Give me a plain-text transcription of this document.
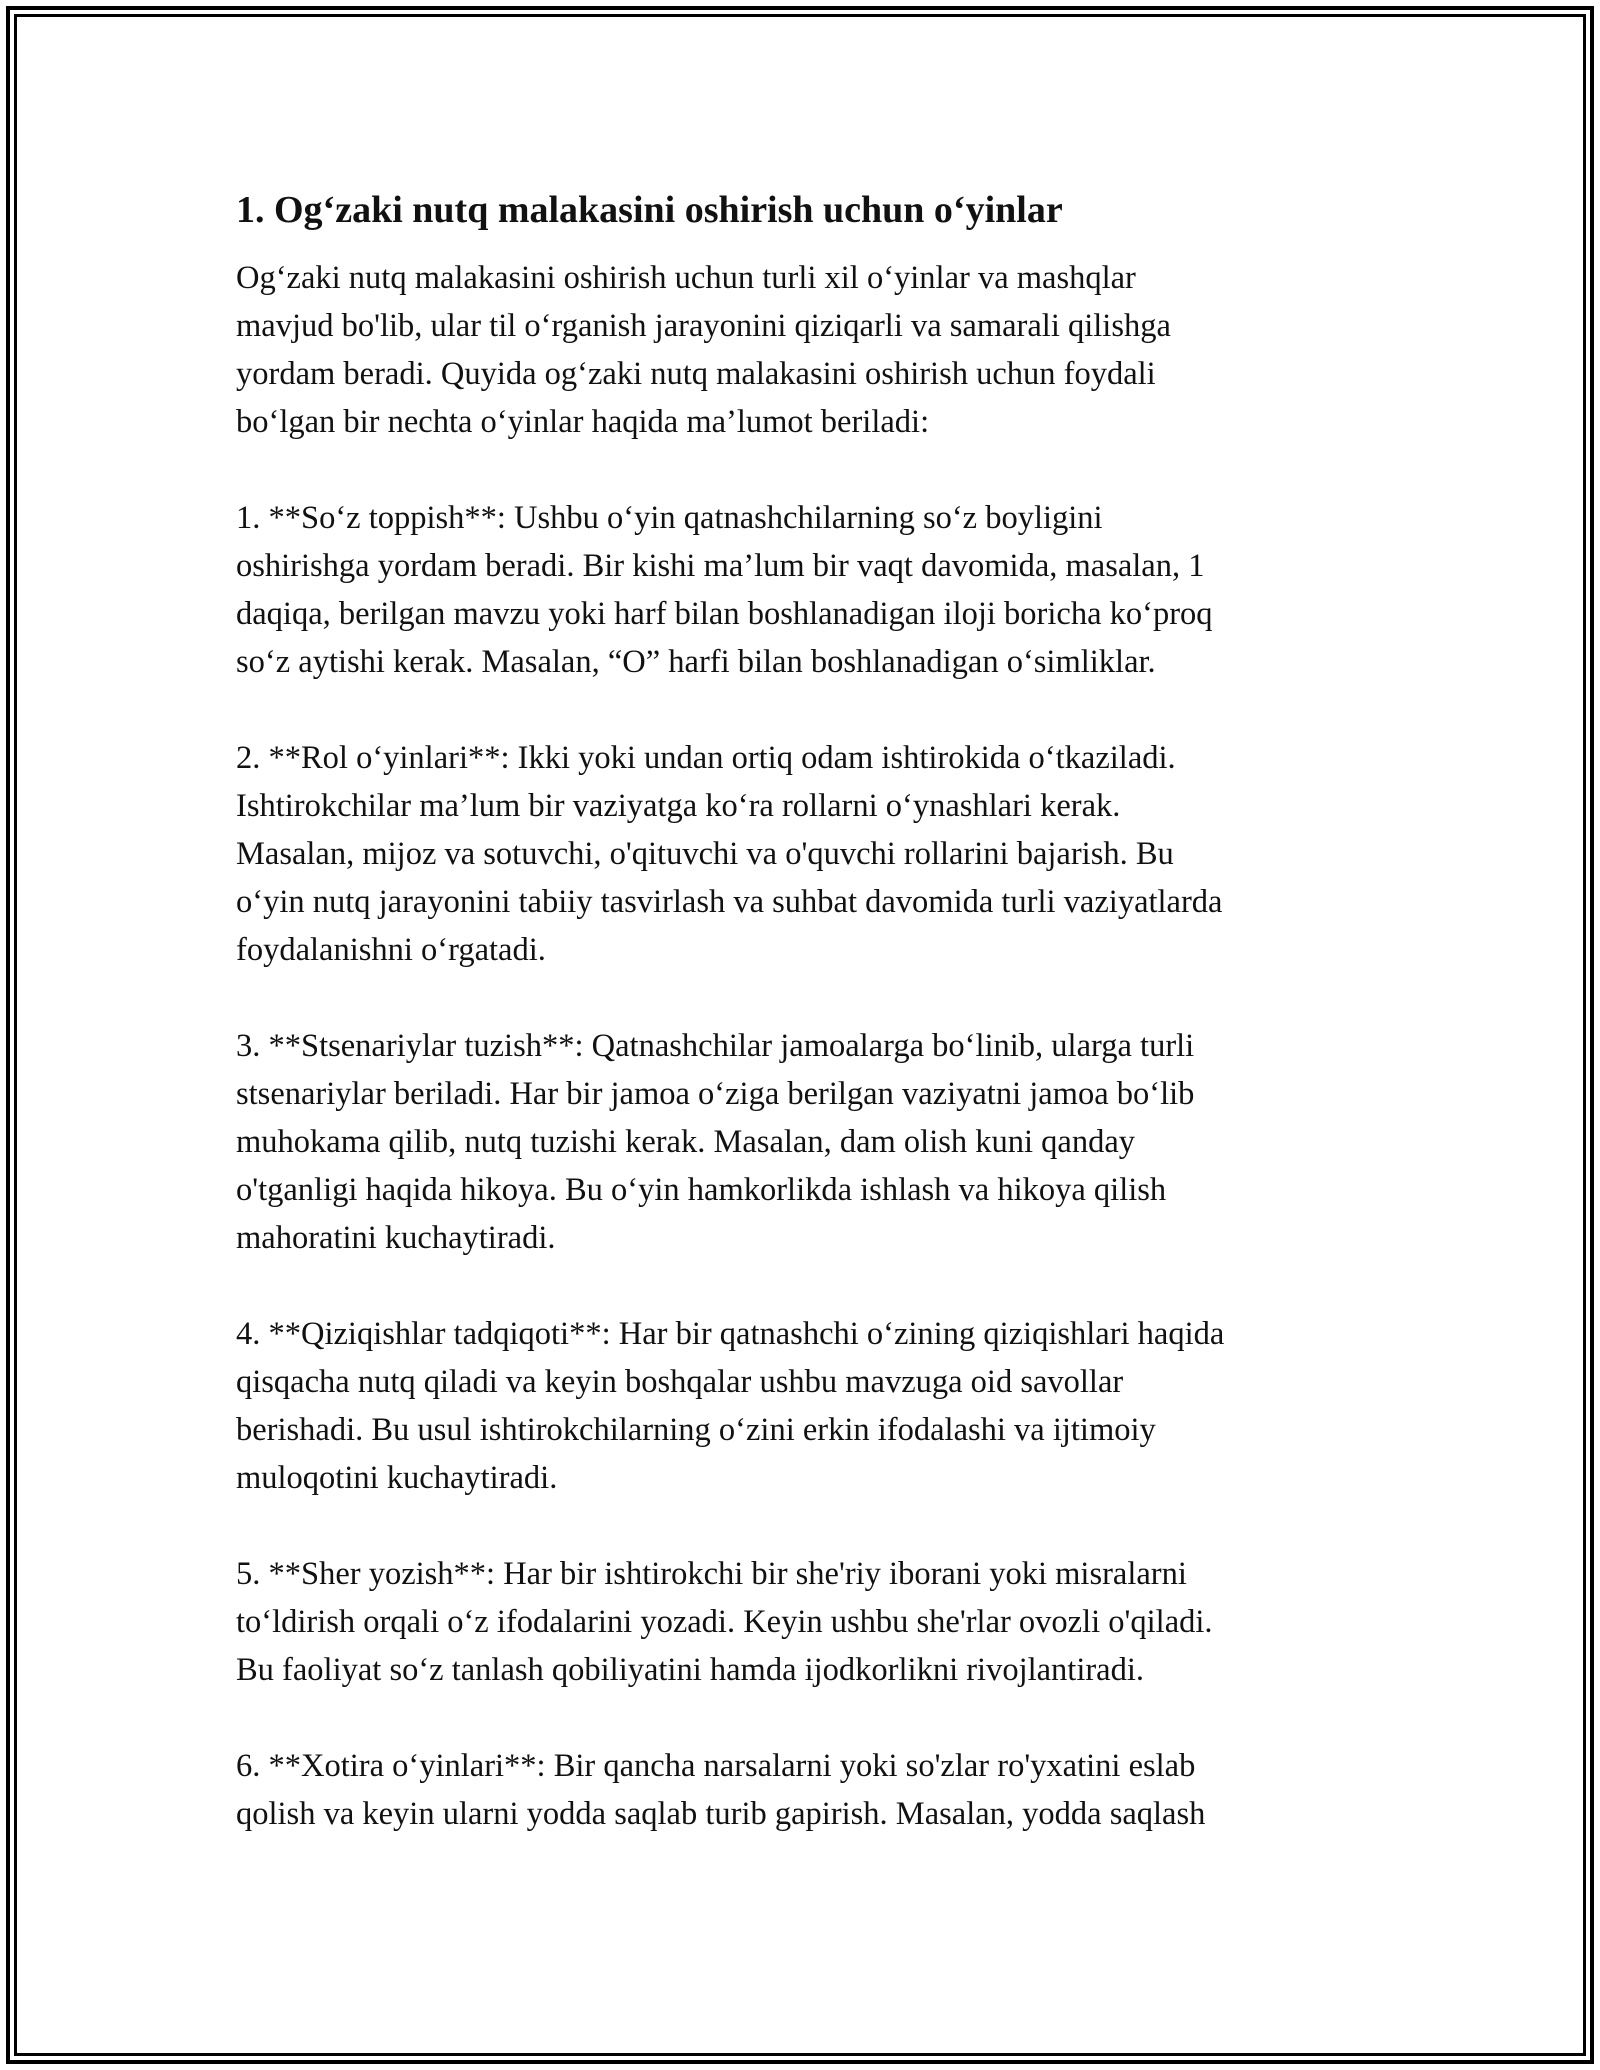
1. Og‘zaki nutq malakasini oshirish uchun o‘yinlar
Og‘zaki nutq malakasini oshirish uchun turli xil o‘yinlar va mashqlar
mavjud bo'lib, ular til o‘rganish jarayonini qiziqarli va samarali qilishga
yordam beradi. Quyida og‘zaki nutq malakasini oshirish uchun foydali
bo‘lgan bir nechta o‘yinlar haqida ma’lumot beriladi:
1. **So‘z toppish**: Ushbu o‘yin qatnashchilarning so‘z boyligini
oshirishga yordam beradi. Bir kishi ma’lum bir vaqt davomida, masalan, 1
daqiqa, berilgan mavzu yoki harf bilan boshlanadigan iloji boricha ko‘proq
so‘z aytishi kerak. Masalan, “O” harfi bilan boshlanadigan o‘simliklar.
2. **Rol o‘yinlari**: Ikki yoki undan ortiq odam ishtirokida o‘tkaziladi.
Ishtirokchilar ma’lum bir vaziyatga ko‘ra rollarni o‘ynashlari kerak.
Masalan, mijoz va sotuvchi, o'qituvchi va o'quvchi rollarini bajarish. Bu
o‘yin nutq jarayonini tabiiy tasvirlash va suhbat davomida turli vaziyatlarda
foydalanishni o‘rgatadi.
3. **Stsenariylar tuzish**: Qatnashchilar jamoalarga bo‘linib, ularga turli
stsenariylar beriladi. Har bir jamoa o‘ziga berilgan vaziyatni jamoa bo‘lib
muhokama qilib, nutq tuzishi kerak. Masalan, dam olish kuni qanday
o'tganligi haqida hikoya. Bu o‘yin hamkorlikda ishlash va hikoya qilish
mahoratini kuchaytiradi.
4. **Qiziqishlar tadqiqoti**: Har bir qatnashchi o‘zining qiziqishlari haqida
qisqacha nutq qiladi va keyin boshqalar ushbu mavzuga oid savollar
berishadi. Bu usul ishtirokchilarning o‘zini erkin ifodalashi va ijtimoiy
muloqotini kuchaytiradi.
5. **Sher yozish**: Har bir ishtirokchi bir she'riy iborani yoki misralarni
to‘ldirish orqali o‘z ifodalarini yozadi. Keyin ushbu she'rlar ovozli o'qiladi.
Bu faoliyat so‘z tanlash qobiliyatini hamda ijodkorlikni rivojlantiradi.
6. **Xotira o‘yinlari**: Bir qancha narsalarni yoki so'zlar ro'yxatini eslab
qolish va keyin ularni yodda saqlab turib gapirish. Masalan, yodda saqlash
